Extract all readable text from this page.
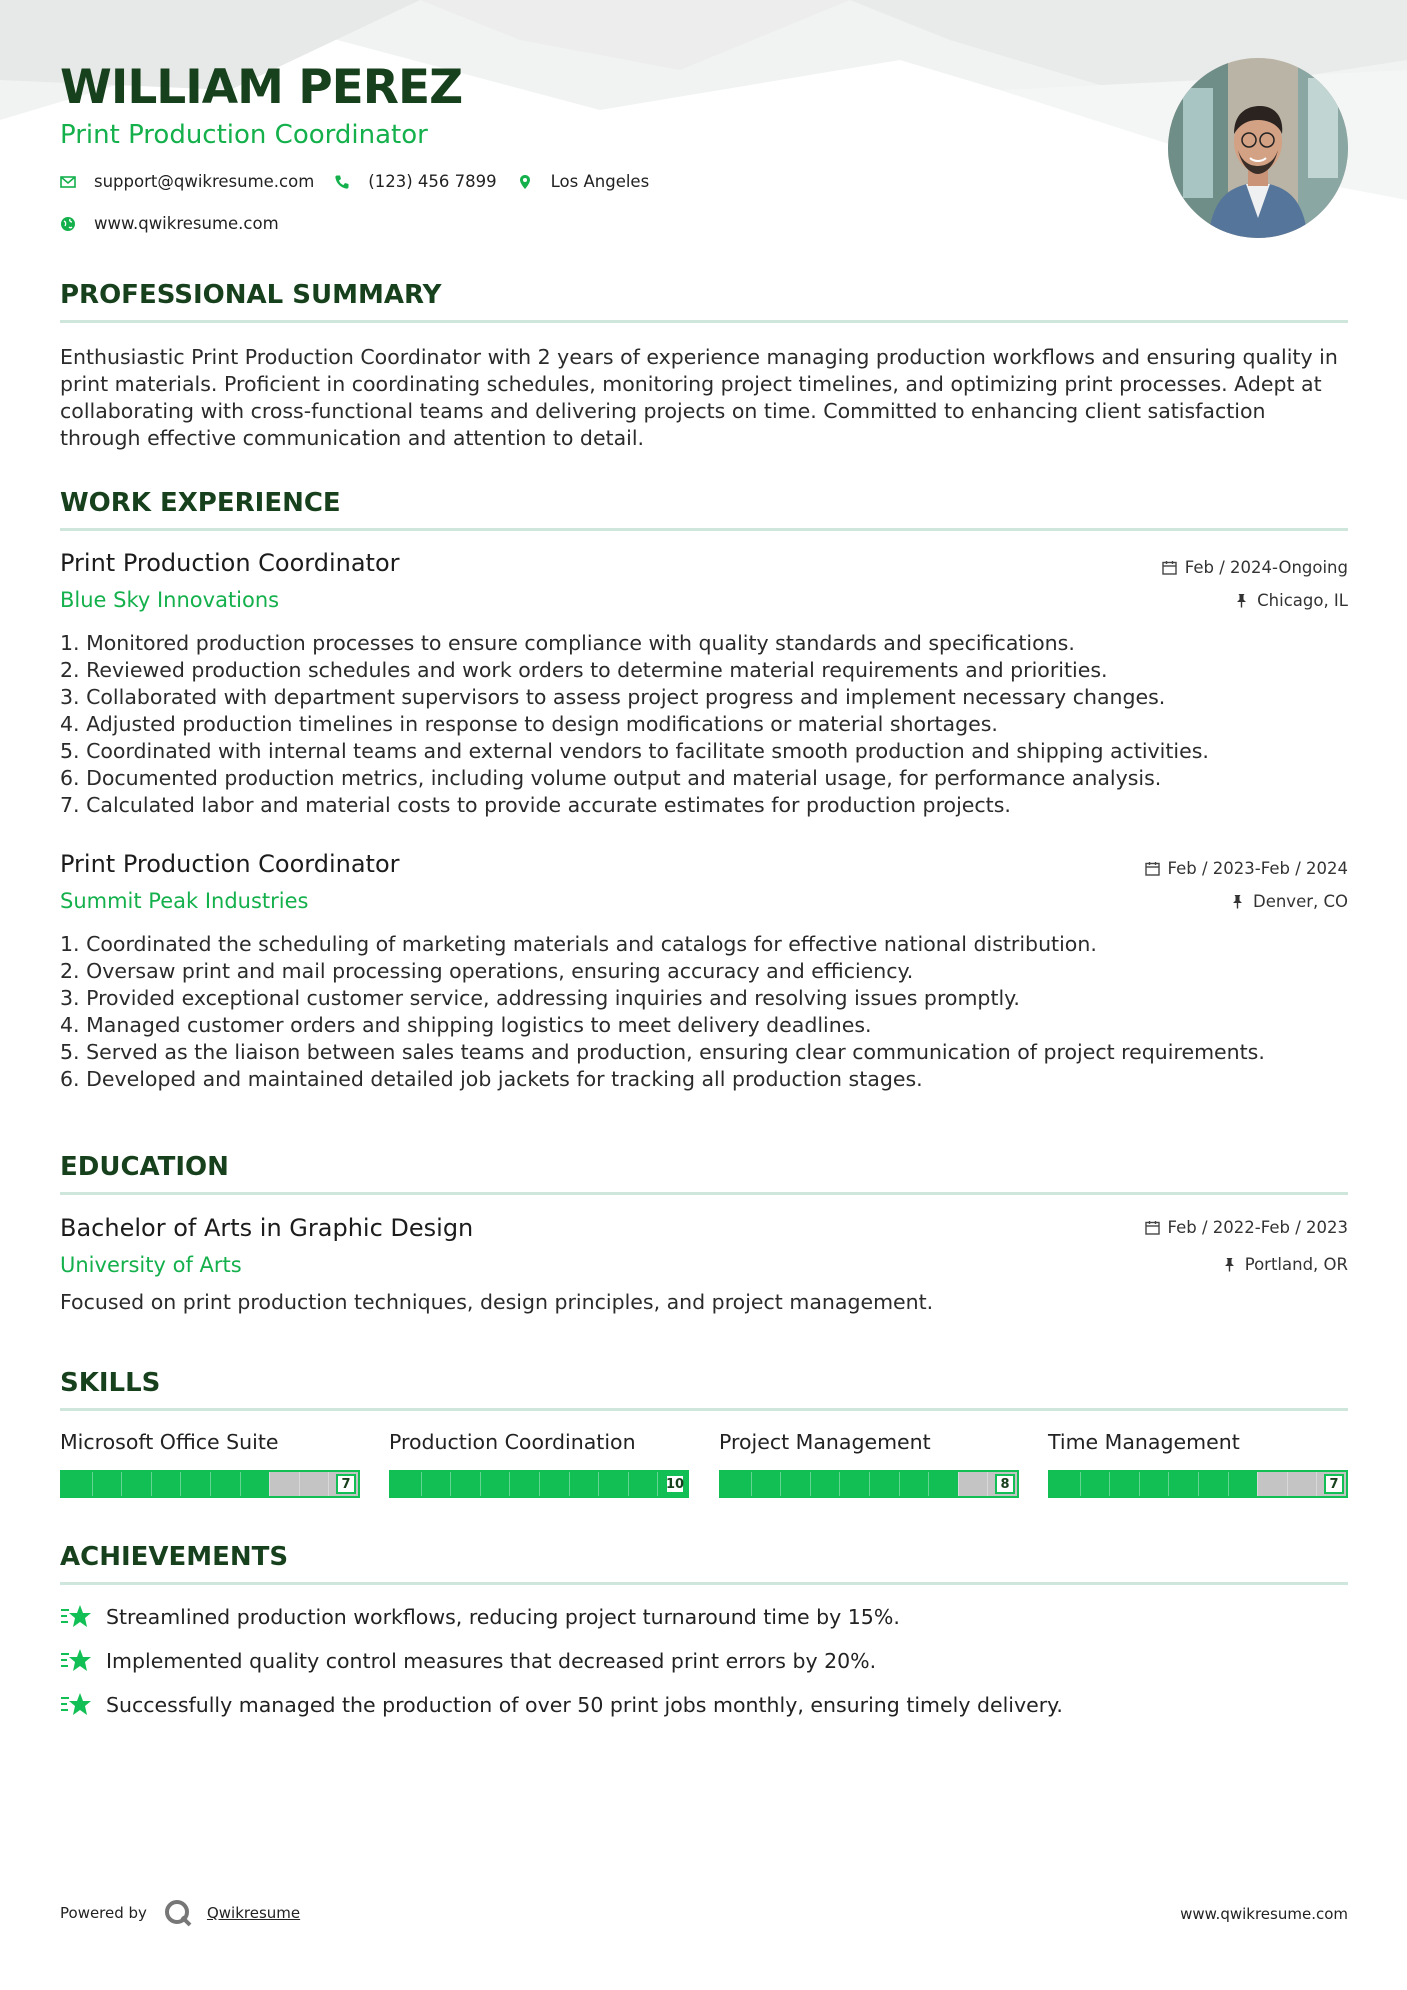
WILLIAM PEREZ
Print Production Coordinator
support@qwikresume.com	(123) 456 7899	Los Angeles
www.qwikresume.com
PROFESSIONAL SUMMARY
Enthusiastic Print Production Coordinator with 2 years of experience managing production workflows and ensuring quality in print materials. Proficient in coordinating schedules, monitoring project timelines, and optimizing print processes. Adept at collaborating with cross-functional teams and delivering projects on time. Committed to enhancing client satisfaction through effective communication and attention to detail.
WORK EXPERIENCE
Print Production Coordinator
Blue Sky Innovations
Feb / 2024-Ongoing
Chicago, IL
1. Monitored production processes to ensure compliance with quality standards and specifications.
2. Reviewed production schedules and work orders to determine material requirements and priorities.
3. Collaborated with department supervisors to assess project progress and implement necessary changes.
4. Adjusted production timelines in response to design modifications or material shortages.
5. Coordinated with internal teams and external vendors to facilitate smooth production and shipping activities.
6. Documented production metrics, including volume output and material usage, for performance analysis.
7. Calculated labor and material costs to provide accurate estimates for production projects.
Print Production Coordinator
Summit Peak Industries
Feb / 2023-Feb / 2024
Denver, CO
1. Coordinated the scheduling of marketing materials and catalogs for effective national distribution.
2. Oversaw print and mail processing operations, ensuring accuracy and efficiency.
3. Provided exceptional customer service, addressing inquiries and resolving issues promptly.
4. Managed customer orders and shipping logistics to meet delivery deadlines.
5. Served as the liaison between sales teams and production, ensuring clear communication of project requirements.
6. Developed and maintained detailed job jackets for tracking all production stages.
EDUCATION
Bachelor of Arts in Graphic Design
University of Arts
Feb / 2022-Feb / 2023
Portland, OR
Focused on print production techniques, design principles, and project management.
SKILLS
Microsoft Office Suite
7
Production Coordination
10
Project Management
8
Time Management
7
ACHIEVEMENTS
Streamlined production workflows, reducing project turnaround time by 15%.
Implemented quality control measures that decreased print errors by 20%.
Successfully managed the production of over 50 print jobs monthly, ensuring timely delivery.
Powered by	Qwikresume	www.qwikresume.com
